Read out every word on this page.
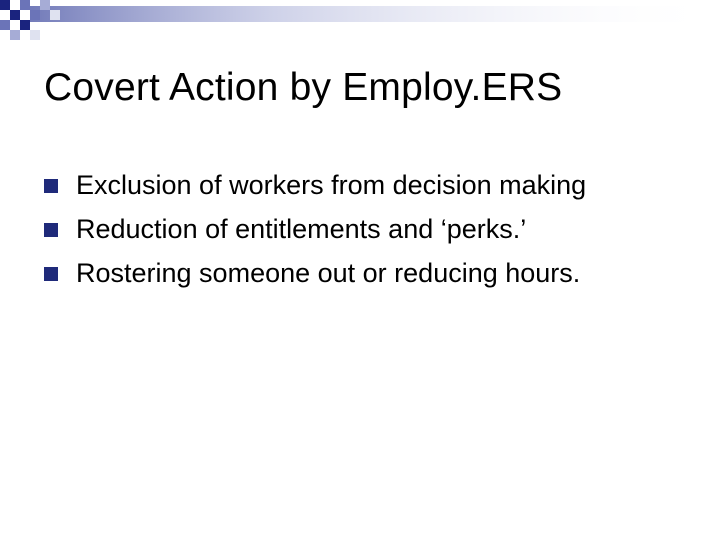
Covert Action by Employ.ERS
Exclusion of workers from decision making
Reduction of entitlements and ‘perks.’
Rostering someone out or reducing hours.
